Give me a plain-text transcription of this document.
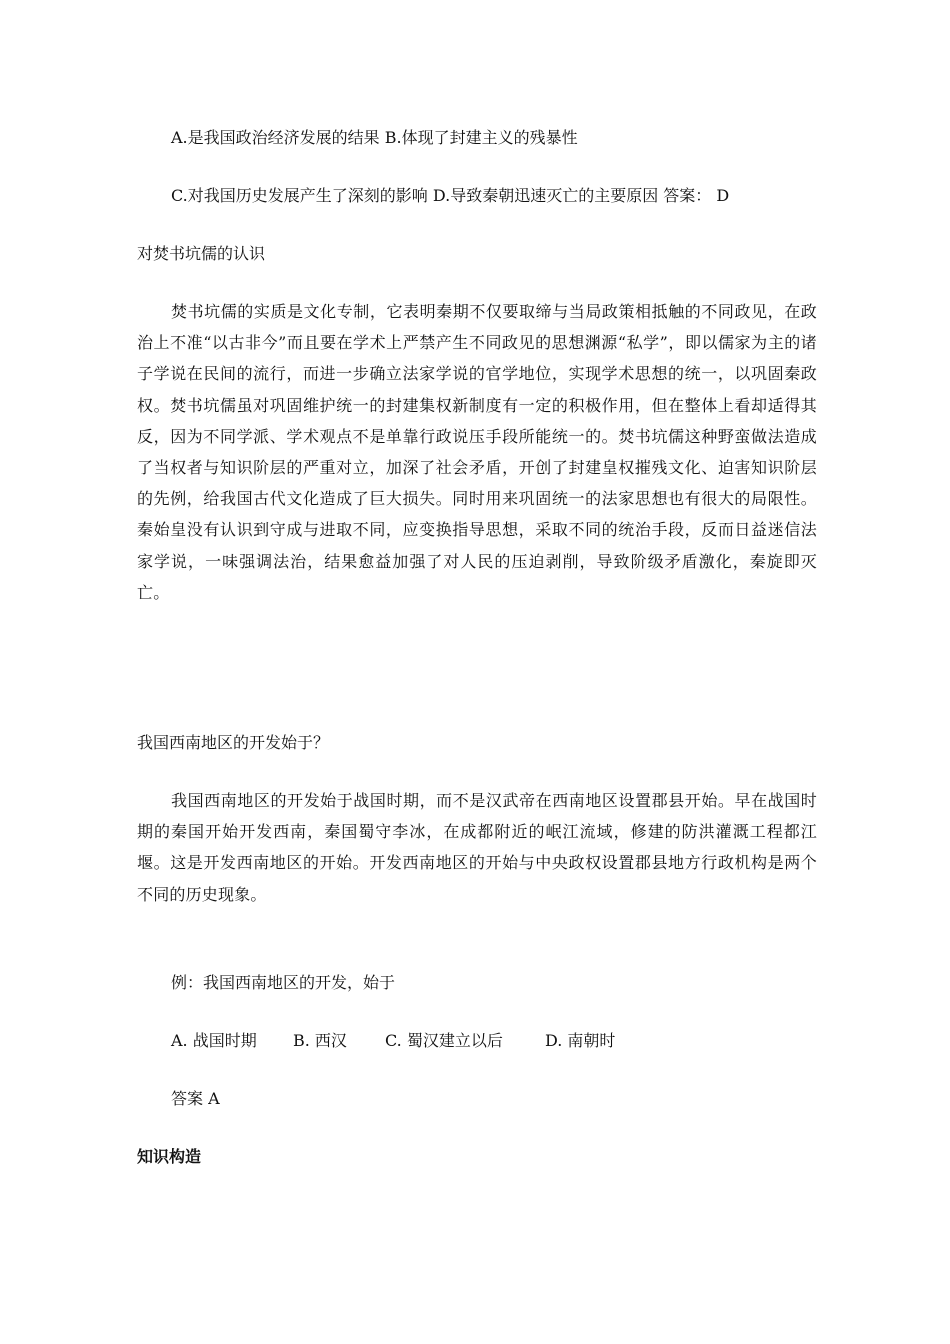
A.是我国政治经济发展的结果 B.体现了封建主义的残暴性
C.对我国历史发展产生了深刻的影响 D.导致秦朝迅速灭亡的主要原因 答案： D
对焚书坑儒的认识
焚书坑儒的实质是文化专制，它表明秦期不仅要取缔与当局政策相抵触的不同政见，在政治上不准“以古非今”而且要在学术上严禁产生不同政见的思想渊源“私学”，即以儒家为主的诸子学说在民间的流行，而进一步确立法家学说的官学地位，实现学术思想的统一，以巩固秦政权。焚书坑儒虽对巩固维护统一的封建集权新制度有一定的积极作用，但在整体上看却适得其反，因为不同学派、学术观点不是单靠行政说压手段所能统一的。焚书坑儒这种野蛮做法造成了当权者与知识阶层的严重对立，加深了社会矛盾，开创了封建皇权摧残文化、迫害知识阶层的先例，给我国古代文化造成了巨大损失。同时用来巩固统一的法家思想也有很大的局限性。秦始皇没有认识到守成与进取不同，应变换指导思想，采取不同的统治手段，反而日益迷信法家学说，一味强调法治，结果愈益加强了对人民的压迫剥削，导致阶级矛盾激化，秦旋即灭亡。
我国西南地区的开发始于？
我国西南地区的开发始于战国时期，而不是汉武帝在西南地区设置郡县开始。早在战国时期的秦国开始开发西南，秦国蜀守李冰，在成都附近的岷江流域，修建的防洪灌溉工程都江堰。这是开发西南地区的开始。开发西南地区的开始与中央政权设置郡县地方行政机构是两个不同的历史现象。
例：我国西南地区的开发，始于
A. 战国时期 B. 西汉 C. 蜀汉建立以后	D. 南朝时
答案 A
知识构造
